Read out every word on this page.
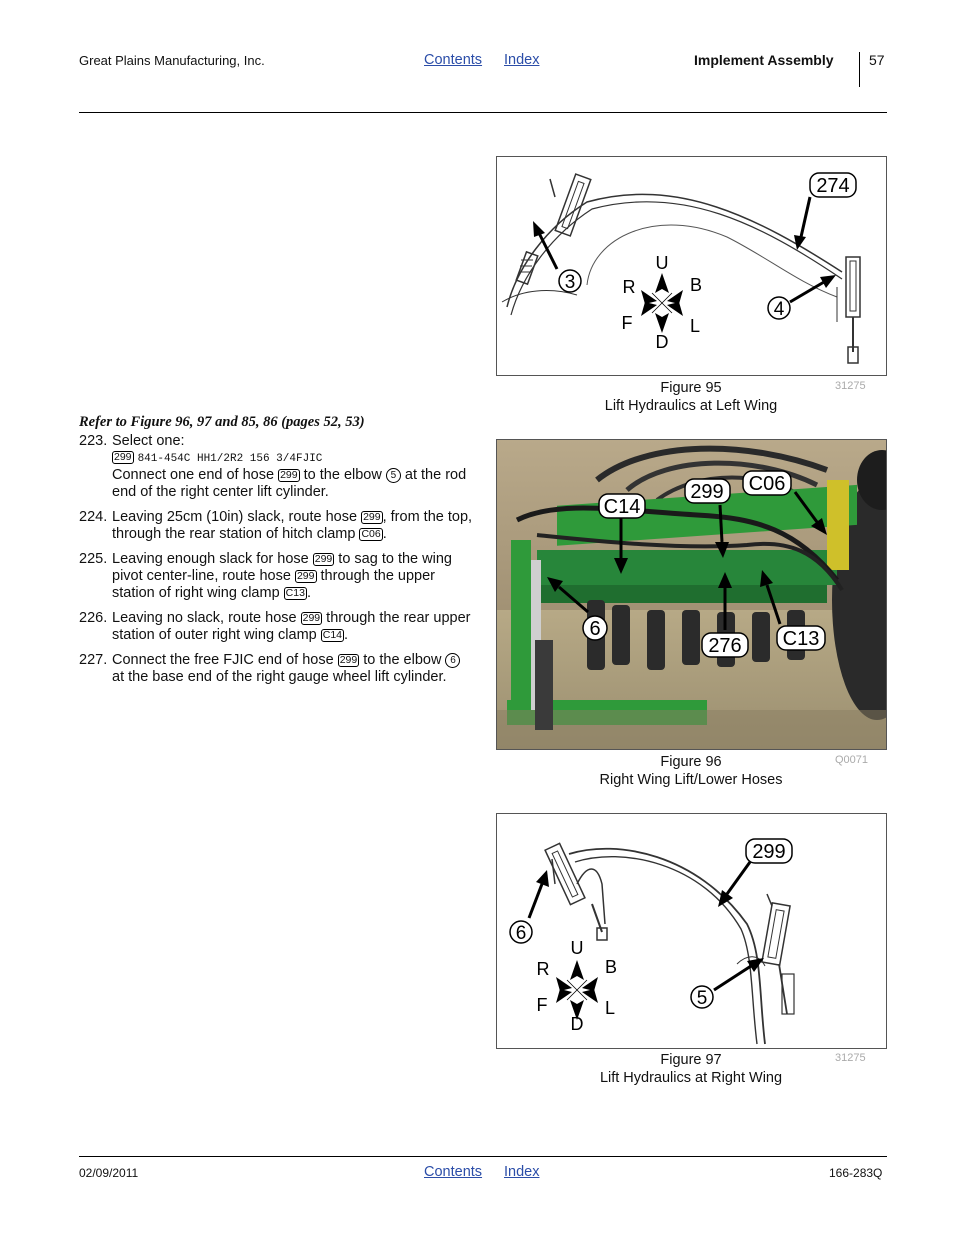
Great Plains Manufacturing, Inc.	Contents Index	Implement Assembly	57
274
3
4
U
D
R
F
B
L
Figure 95
Lift Hydraulics at Left Wing
31275
Refer to Figure 96, 97 and 85, 86 (pages 52, 53)
223. Select one:
299 841-454C HH1/2R2 156 3/4FJIC
Connect one end of hose 299 to the elbow 5 at the rod end of the right center lift cylinder.
224. Leaving 25cm (10in) slack, route hose 299 , from the top, through the rear station of hitch clamp C06 .
225. Leaving enough slack for hose 299 to sag to the wing pivot center-line, route hose 299 through the upper station of right wing clamp C13 .
226. Leaving no slack, route hose 299 through the rear upper station of outer right wing clamp C14 .
227. Connect the free FJIC end of hose 299 to the elbow 6 at the base end of the right gauge wheel lift cylinder.
C14
299 C06
6
276 C13
Figure 96
Right Wing Lift/Lower Hoses
Q0071
299
6
5
U
D
R
F
B
L
Figure 97
Lift Hydraulics at Right Wing
31275
02/09/2011	Contents Index	166-283Q
